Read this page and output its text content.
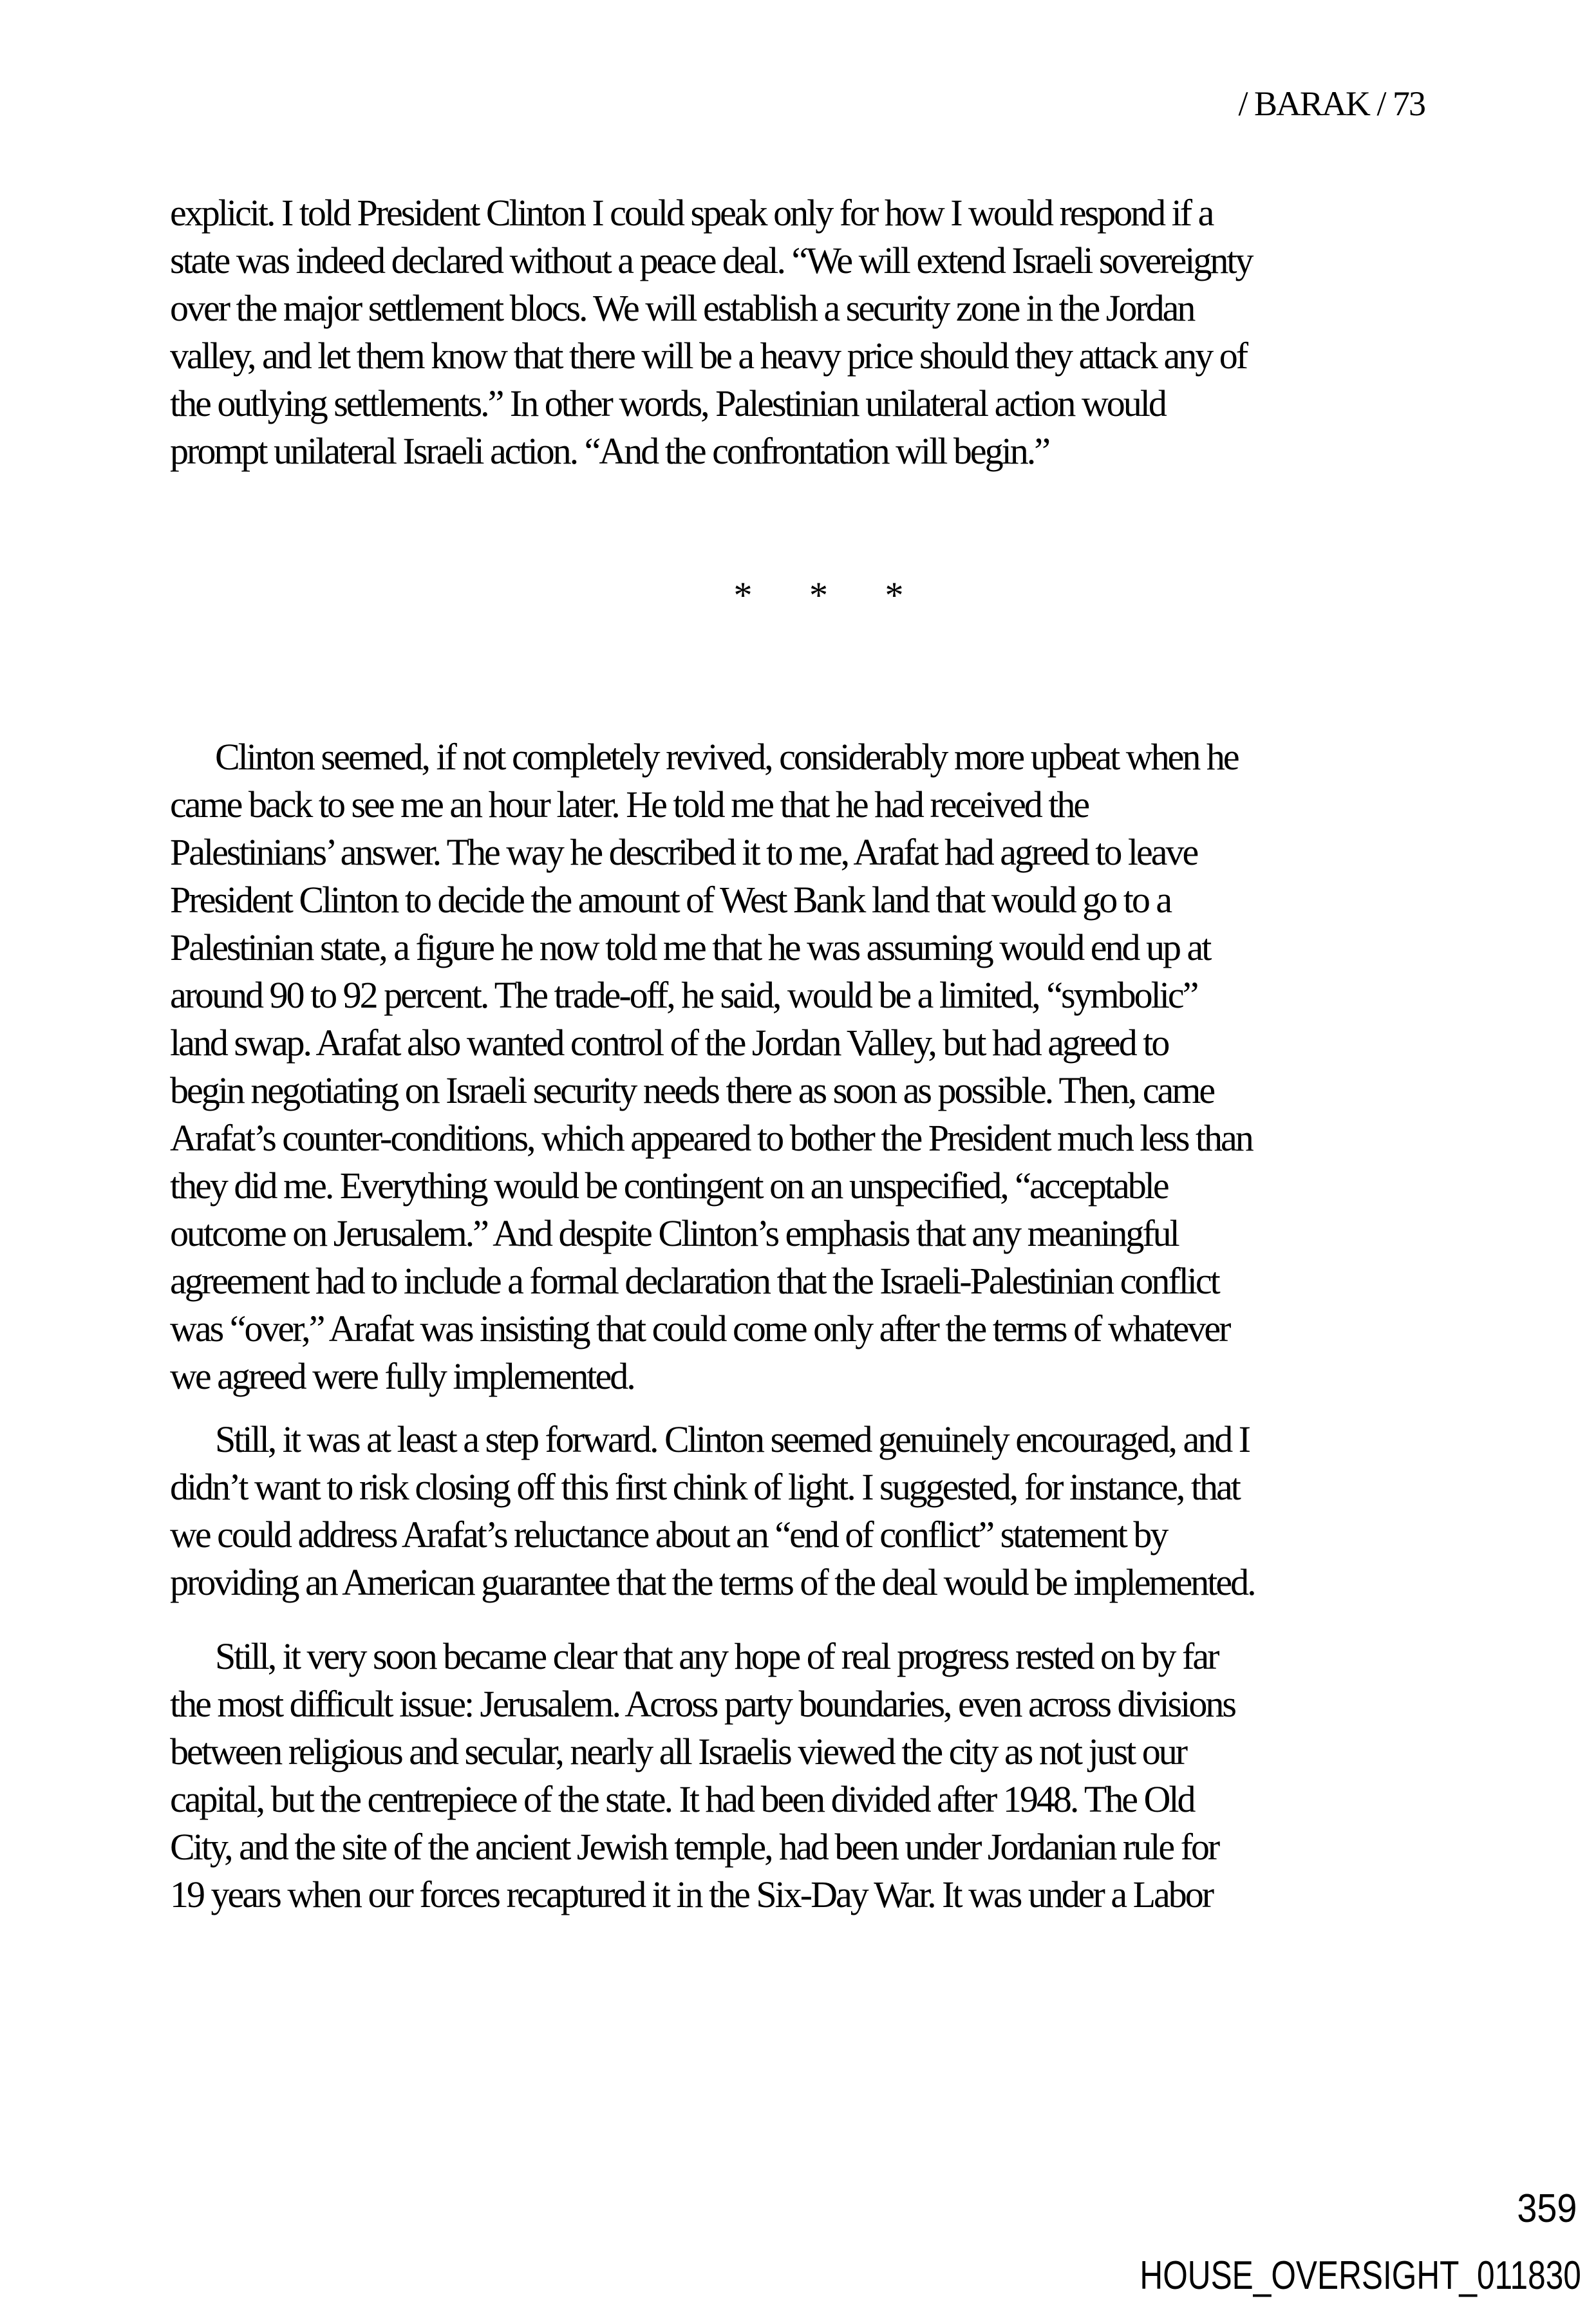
/ BARAK / 73
explicit. I told President Clinton I could speak only for how I would respond if a
state was indeed declared without a peace deal. “We will extend Israeli sovereignty
over the major settlement blocs. We will establish a security zone in the Jordan
valley, and let them know that there will be a heavy price should they attack any of
the outlying settlements.” In other words, Palestinian unilateral action would
prompt unilateral Israeli action. “And the confrontation will begin.”
* * *
Clinton seemed, if not completely revived, considerably more upbeat when he
came back to see me an hour later. He told me that he had received the
Palestinians’ answer. The way he described it to me, Arafat had agreed to leave
President Clinton to decide the amount of West Bank land that would go to a
Palestinian state, a figure he now told me that he was assuming would end up at
around 90 to 92 percent. The trade-off, he said, would be a limited, “symbolic”
land swap. Arafat also wanted control of the Jordan Valley, but had agreed to
begin negotiating on Israeli security needs there as soon as possible. Then, came
Arafat’s counter-conditions, which appeared to bother the President much less than
they did me. Everything would be contingent on an unspecified, “acceptable
outcome on Jerusalem.” And despite Clinton’s emphasis that any meaningful
agreement had to include a formal declaration that the Israeli-Palestinian conflict
was “over,” Arafat was insisting that could come only after the terms of whatever
we agreed were fully implemented.
Still, it was at least a step forward. Clinton seemed genuinely encouraged, and I
didn’t want to risk closing off this first chink of light. I suggested, for instance, that
we could address Arafat’s reluctance about an “end of conflict” statement by
providing an American guarantee that the terms of the deal would be implemented.
Still, it very soon became clear that any hope of real progress rested on by far
the most difficult issue: Jerusalem. Across party boundaries, even across divisions
between religious and secular, nearly all Israelis viewed the city as not just our
capital, but the centrepiece of the state. It had been divided after 1948. The Old
City, and the site of the ancient Jewish temple, had been under Jordanian rule for
19 years when our forces recaptured it in the Six-Day War. It was under a Labor
359
HOUSE_OVERSIGHT_011830
